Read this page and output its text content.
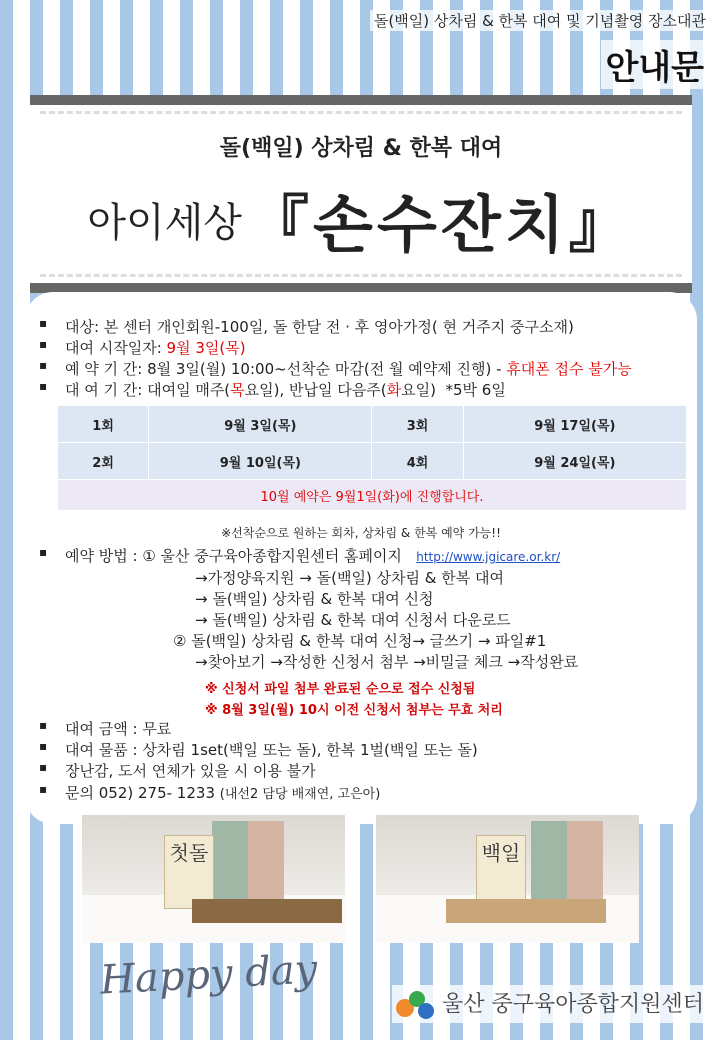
돌(백일) 상차림 & 한복 대여 및 기념촬영 장소대관
안내문
돌(백일) 상차림 & 한복 대여
아이세상 『손수잔치』
▪ 대상: 본 센터 개인회원-100일, 돌 한달 전 · 후 영아가정( 현 거주지 중구소재)
▪ 대여 시작일자: 9월 3일(목)
▪ 예 약 기 간: 8월 3일(월) 10:00~선착순 마감(전 월 예약제 진행) - 휴대폰 접수 불가능
▪ 대 여 기 간: 대여일 매주(목요일), 반납일 다음주(화요일) *5박 6일
1회	9월 3일(목)	3회	9월 17일(목)
2회	9월 10일(목)	4회	9월 24일(목)
10월 예약은 9월1일(화)에 진행합니다.			
※선착순으로 원하는 회차, 상차림 & 한복 예약 가능!!
▪ 예약 방법 : ① 울산 중구육아종합지원센터 홈페이지 http://www.jgicare.or.kr/
→가정양육지원 → 돌(백일) 상차림 & 한복 대여
→ 돌(백일) 상차림 & 한복 대여 신청
→ 돌(백일) 상차림 & 한복 대여 신청서 다운로드
② 돌(백일) 상차림 & 한복 대여 신청→ 글쓰기 → 파일#1
→찾아보기 →작성한 신청서 첨부 →비밀글 체크 →작성완료
※ 신청서 파일 첨부 완료된 순으로 접수 신청됨
※ 8월 3일(월) 10시 이전 신청서 첨부는 무효 처리
▪ 대여 금액 : 무료
▪ 대여 물품 : 상차림 1set(백일 또는 돌), 한복 1벌(백일 또는 돌)
▪ 장난감, 도서 연체가 있을 시 이용 불가
▪ 문의 052) 275- 1233 (내선2 담당 배재연, 고은아)
첫돌	백일
Happy day
울산 중구육아종합지원센터
